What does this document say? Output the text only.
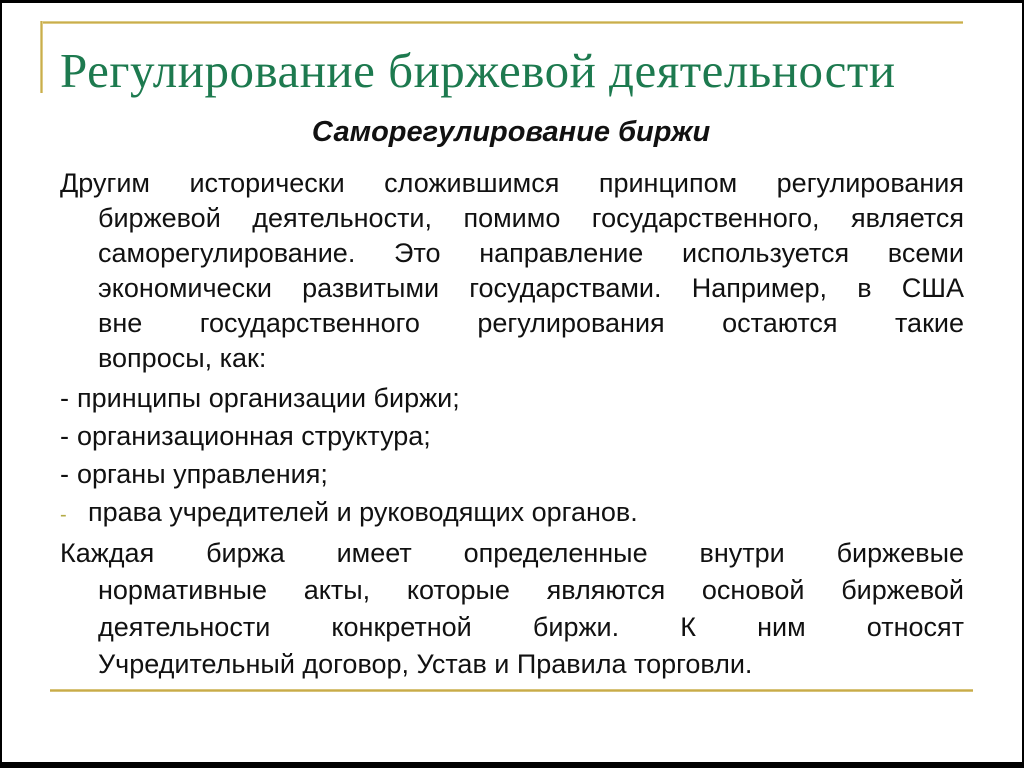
Регулирование биржевой деятельности
Саморегулирование биржи
Другим исторически сложившимся принципом регулирования
биржевой деятельности, помимо государственного, является
саморегулирование. Это направление используется всеми
экономически развитыми государствами. Например, в США
вне государственного регулирования остаются такие
вопросы, как:
- принципы организации биржи;
- организационная структура;
- органы управления;
- права учредителей и руководящих органов.
Каждая биржа имеет определенные внутри биржевые
нормативные акты, которые являются основой биржевой
деятельности конкретной биржи. К ним относят
Учредительный договор, Устав и Правила торговли.
